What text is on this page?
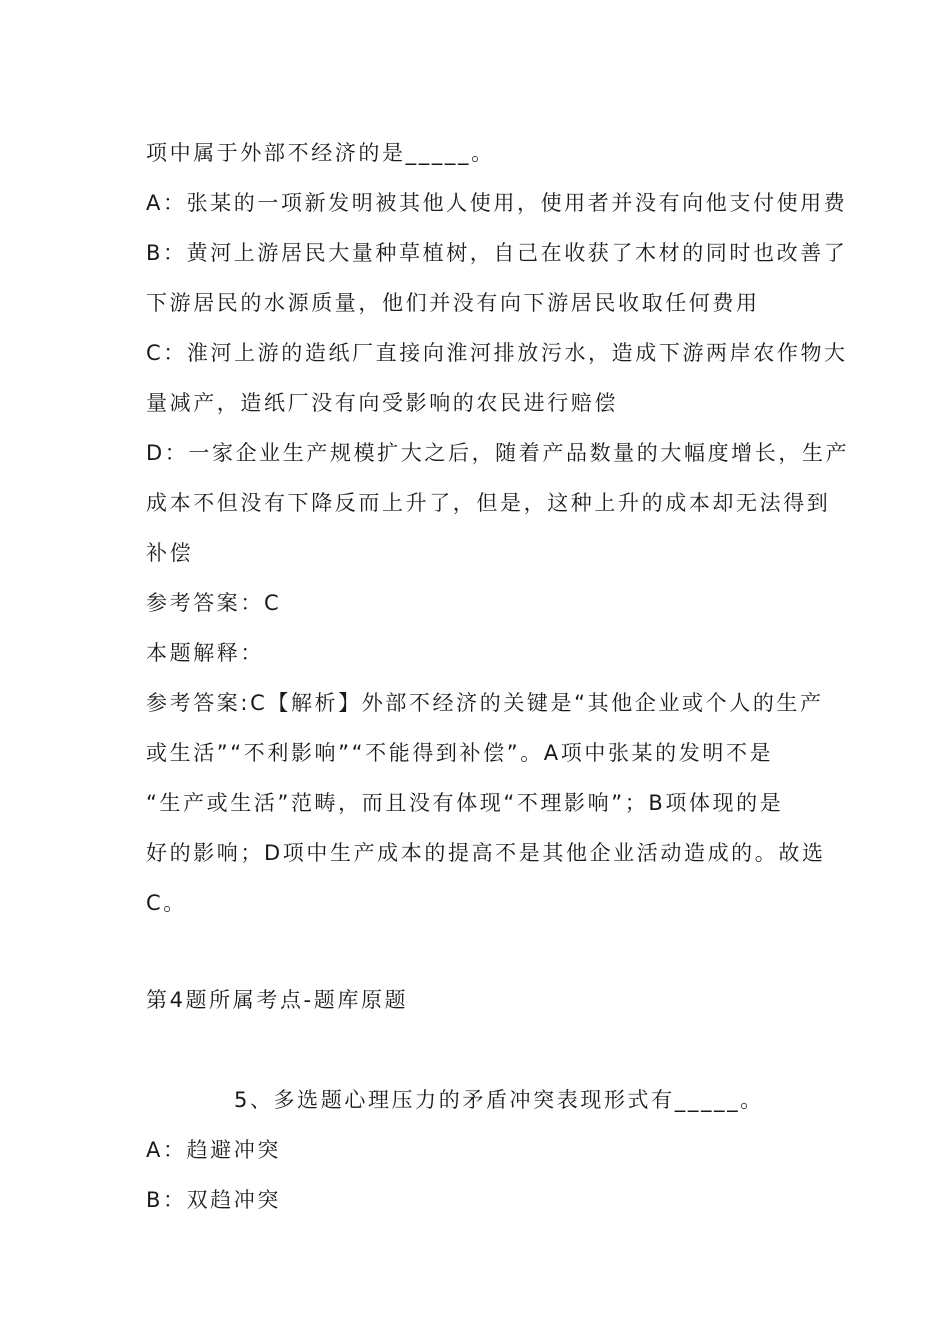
项中属于外部不经济的是_____。
A：张某的一项新发明被其他人使用，使用者并没有向他支付使用费
B：黄河上游居民大量种草植树，自己在收获了木材的同时也改善了
下游居民的水源质量，他们并没有向下游居民收取任何费用
C：淮河上游的造纸厂直接向淮河排放污水，造成下游两岸农作物大
量减产，造纸厂没有向受影响的农民进行赔偿
D：一家企业生产规模扩大之后，随着产品数量的大幅度增长，生产
成本不但没有下降反而上升了，但是，这种上升的成本却无法得到
补偿
参考答案：C
本题解释：
参考答案:C【解析】外部不经济的关键是“其他企业或个人的生产
或生活”“不利影响”“不能得到补偿”。A项中张某的发明不是
“生产或生活”范畴，而且没有体现“不理影响”；B项体现的是
好的影响；D项中生产成本的提高不是其他企业活动造成的。故选
C。
第4题所属考点-题库原题
5、多选题心理压力的矛盾冲突表现形式有_____。
A：趋避冲突
B：双趋冲突
